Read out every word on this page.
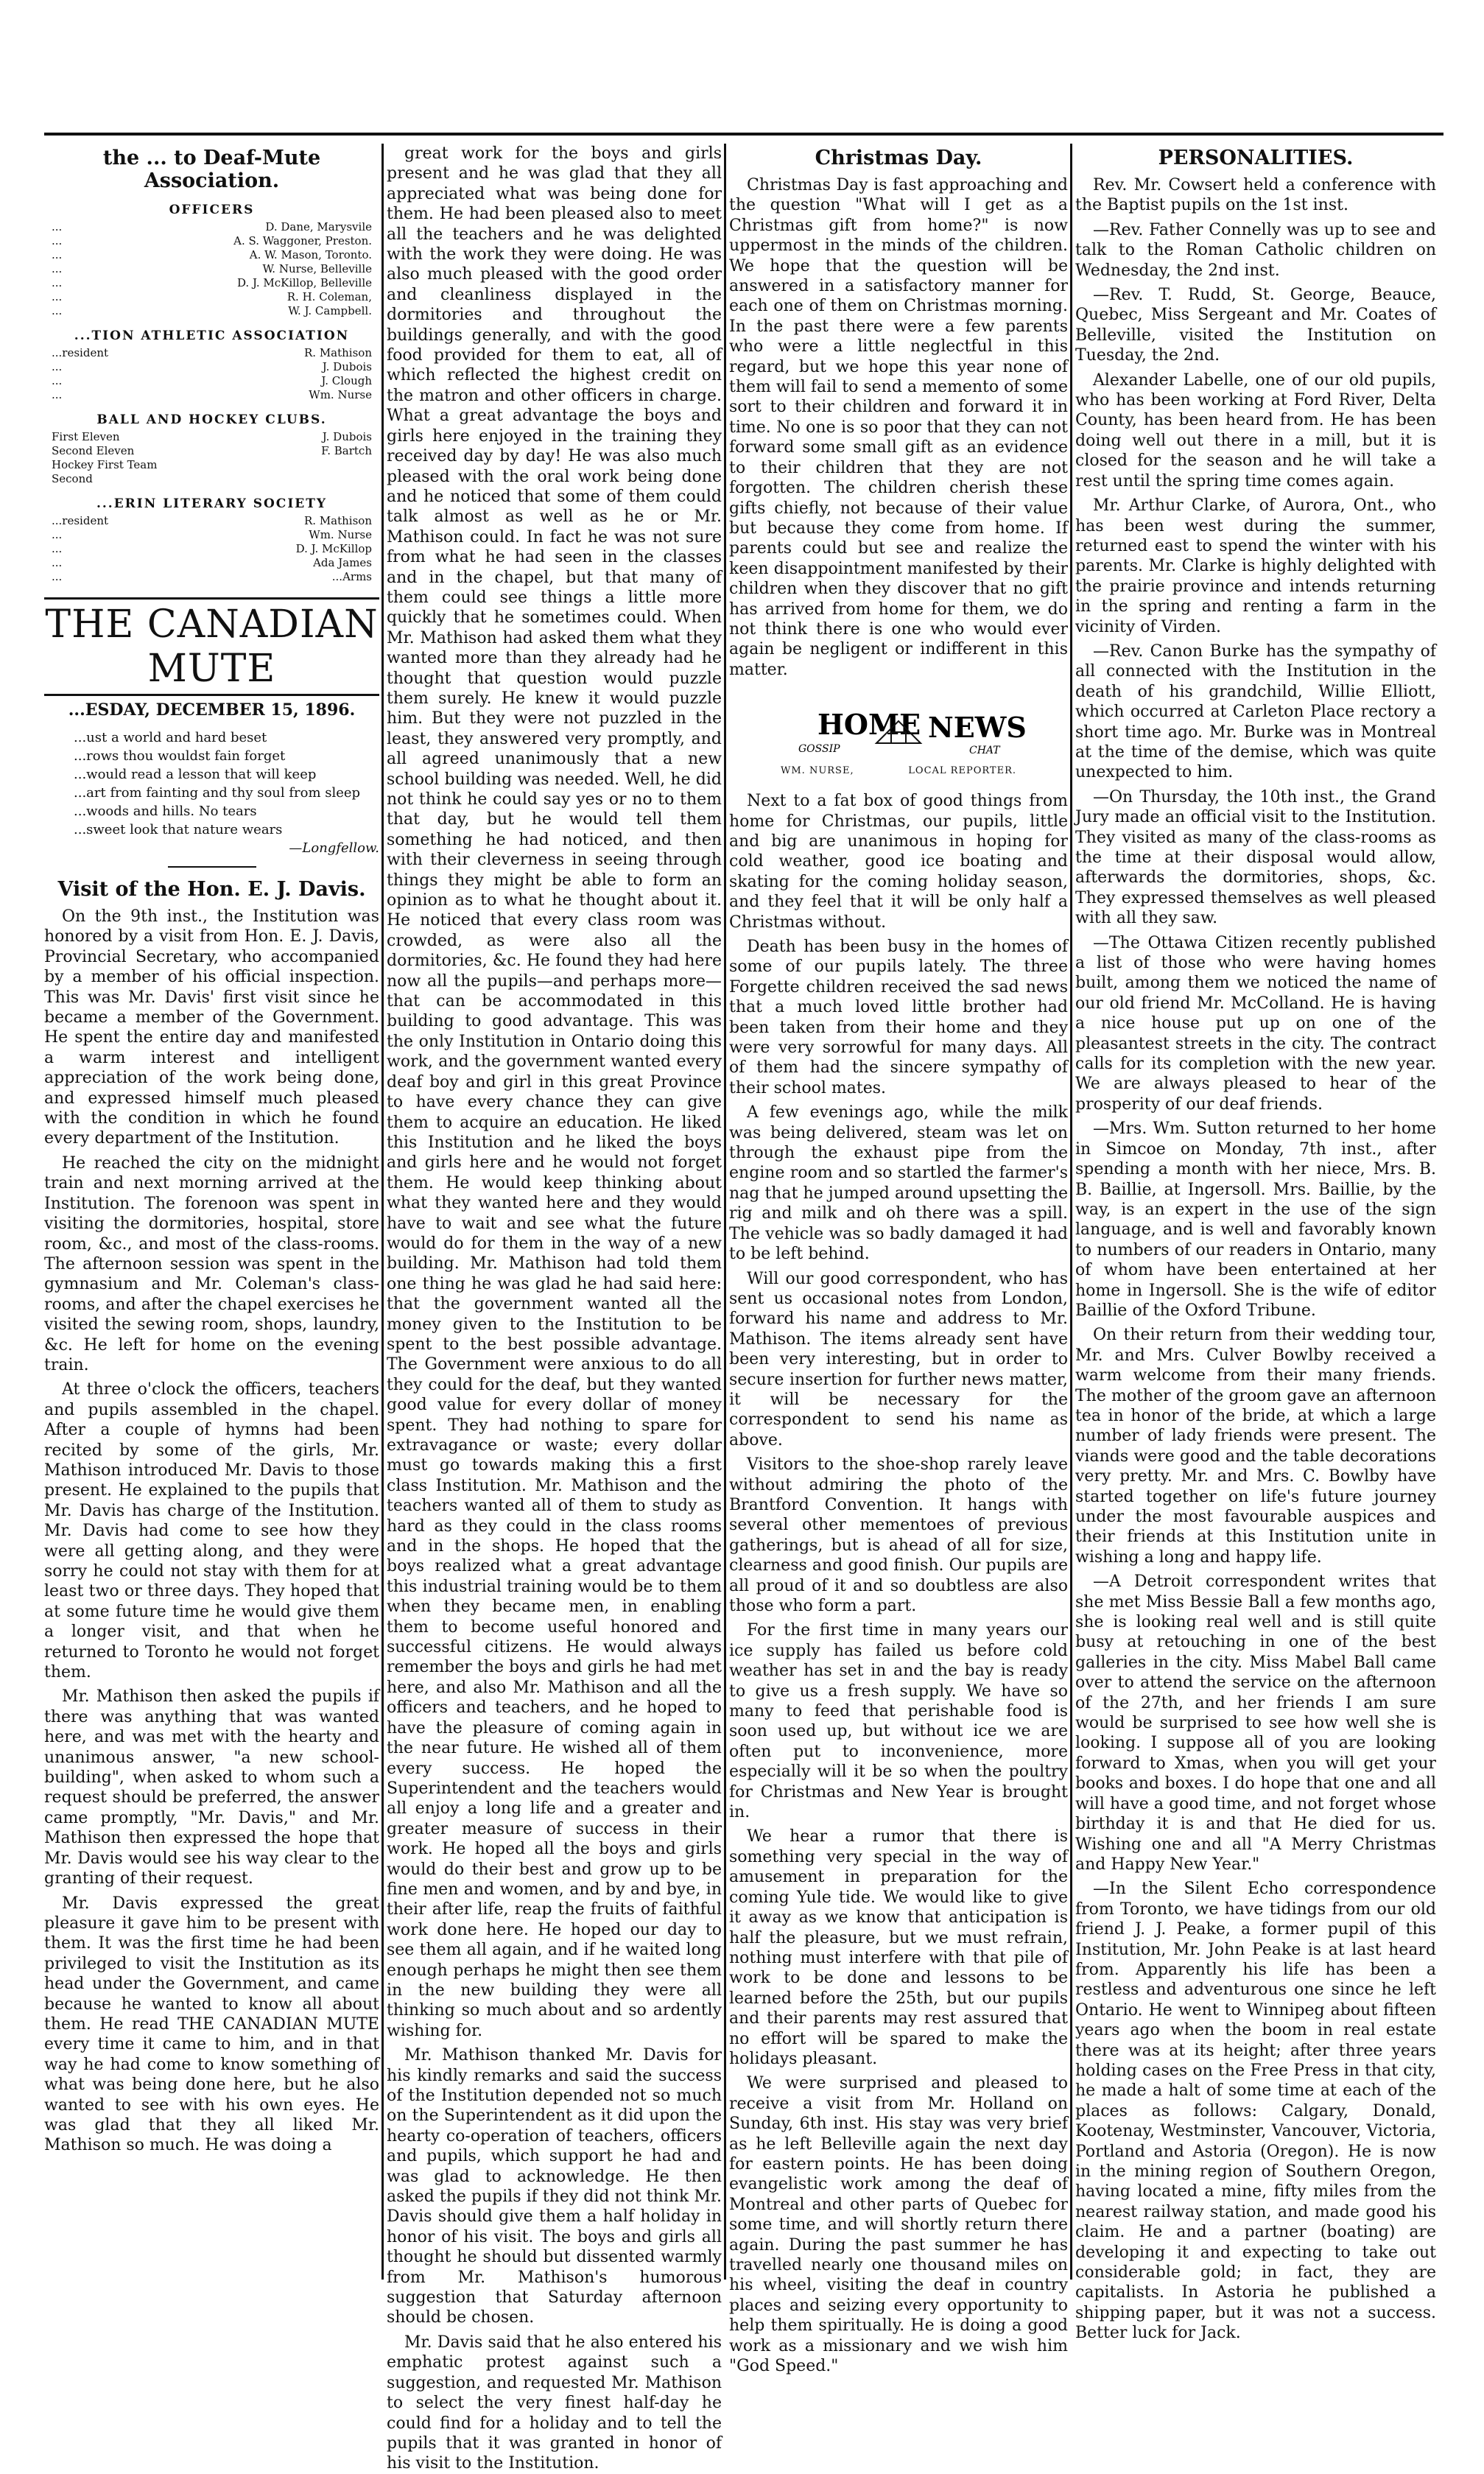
the ... to Deaf-Mute Association.
OFFICERS
...	D. Dane, Marysvile
...	A. S. Waggoner, Preston.
...	A. W. Mason, Toronto.
...	W. Nurse, Belleville
...	D. J. McKillop, Belleville
...	R. H. Coleman,
...	W. J. Campbell.
...TION ATHLETIC ASSOCIATION
...resident	R. Mathison
...	J. Dubois
...	J. Clough
...	Wm. Nurse
BALL AND HOCKEY CLUBS.
First Eleven	J. Dubois
Second Eleven	F. Bartch
Hockey First Team
Second
...ERIN LITERARY SOCIETY
...resident	R. Mathison
...	Wm. Nurse
...	D. J. McKillop
...	Ada James
...	...Arms
THE CANADIAN MUTE
...ESDAY, DECEMBER 15, 1896.
...ust a world and hard beset
...rows thou wouldst fain forget
...would read a lesson that will keep
...art from fainting and thy soul from sleep
...woods and hills. No tears
...sweet look that nature wears
—Longfellow.
Visit of the Hon. E. J. Davis.

On the 9th inst., the Institution was honored by a visit from Hon. E. J. Davis, Provincial Secretary, who accompanied by a member of his official inspection. This was Mr. Davis' first visit since he became a member of the Government. He spent the entire day and manifested a warm interest and intelligent appreciation of the work being done, and expressed himself much pleased with the condition in which he found every department of the Institution.

He reached the city on the midnight train and next morning arrived at the Institution. The forenoon was spent in visiting the dormitories, hospital, store room, &c., and most of the class-rooms. The afternoon session was spent in the gymnasium and Mr. Coleman's class-rooms, and after the chapel exercises he visited the sewing room, shops, laundry, &c. He left for home on the evening train.

At three o'clock the officers, teachers and pupils assembled in the chapel. After a couple of hymns had been recited by some of the girls, Mr. Mathison introduced Mr. Davis to those present. He explained to the pupils that Mr. Davis has charge of the Institution. Mr. Davis had come to see how they were all getting along, and they were sorry he could not stay with them for at least two or three days. They hoped that at some future time he would give them a longer visit, and that when he returned to Toronto he would not forget them.

Mr. Mathison then asked the pupils if there was anything that was wanted here, and was met with the hearty and unanimous answer, "a new school-building", when asked to whom such a request should be preferred, the answer came promptly, "Mr. Davis," and Mr. Mathison then expressed the hope that Mr. Davis would see his way clear to the granting of their request.

Mr. Davis expressed the great pleasure it gave him to be present with them. It was the first time he had been privileged to visit the Institution as its head under the Government, and came because he wanted to know all about them. He read THE CANADIAN MUTE every time it came to him, and in that way he had come to know something of what was being done here, but he also wanted to see with his own eyes. He was glad that they all liked Mr. Mathison so much. He was doing a

great work for the boys and girls present and he was glad that they all appreciated what was being done for them. He had been pleased also to meet all the teachers and he was delighted with the work they were doing. He was also much pleased with the good order and cleanliness displayed in the dormitories and throughout the buildings generally, and with the good food provided for them to eat, all of which reflected the highest credit on the matron and other officers in charge. What a great advantage the boys and girls here enjoyed in the training they received day by day! He was also much pleased with the oral work being done and he noticed that some of them could talk almost as well as he or Mr. Mathison could. In fact he was not sure from what he had seen in the classes and in the chapel, but that many of them could see things a little more quickly that he sometimes could. When Mr. Mathison had asked them what they wanted more than they already had he thought that question would puzzle them surely. He knew it would puzzle him. But they were not puzzled in the least, they answered very promptly, and all agreed unanimously that a new school building was needed. Well, he did not think he could say yes or no to them that day, but he would tell them something he had noticed, and then with their cleverness in seeing through things they might be able to form an opinion as to what he thought about it. He noticed that every class room was crowded, as were also all the dormitories, &c. He found they had here now all the pupils—and perhaps more—that can be accommodated in this building to good advantage. This was the only Institution in Ontario doing this work, and the government wanted every deaf boy and girl in this great Province to have every chance they can give them to acquire an education. He liked this Institution and he liked the boys and girls here and he would not forget them. He would keep thinking about what they wanted here and they would have to wait and see what the future would do for them in the way of a new building. Mr. Mathison had told them one thing he was glad he had said here: that the government wanted all the money given to the Institution to be spent to the best possible advantage. The Government were anxious to do all they could for the deaf, but they wanted good value for every dollar of money spent. They had nothing to spare for extravagance or waste; every dollar must go towards making this a first class Institution. Mr. Mathison and the teachers wanted all of them to study as hard as they could in the class rooms and in the shops. He hoped that the boys realized what a great advantage this industrial training would be to them when they became men, in enabling them to become useful honored and successful citizens. He would always remember the boys and girls he had met here, and also Mr. Mathison and all the officers and teachers, and he hoped to have the pleasure of coming again in the near future. He wished all of them every success. He hoped the Superintendent and the teachers would all enjoy a long life and a greater and greater measure of success in their work. He hoped all the boys and girls would do their best and grow up to be fine men and women, and by and bye, in their after life, reap the fruits of faithful work done here. He hoped our day to see them all again, and if he waited long enough perhaps he might then see them in the new building they were all thinking so much about and so ardently wishing for.

Mr. Mathison thanked Mr. Davis for his kindly remarks and said the success of the Institution depended not so much on the Superintendent as it did upon the hearty co-operation of teachers, officers and pupils, which support he had and was glad to acknowledge. He then asked the pupils if they did not think Mr. Davis should give them a half holiday in honor of his visit. The boys and girls all thought he should but dissented warmly from Mr. Mathison's humorous suggestion that Saturday afternoon should be chosen.

Mr. Davis said that he also entered his emphatic protest against such a suggestion, and requested Mr. Mathison to select the very finest half-day he could find for a holiday and to tell the pupils that it was granted in honor of his visit to the Institution.

Christmas Day.

Christmas Day is fast approaching and the question "What will I get as a Christmas gift from home?" is now uppermost in the minds of the children. We hope that the question will be answered in a satisfactory manner for each one of them on Christmas morning. In the past there were a few parents who were a little neglectful in this regard, but we hope this year none of them will fail to send a memento of some sort to their children and forward it in time. No one is so poor that they can not forward some small gift as an evidence to their children that they are not forgotten. The children cherish these gifts chiefly, not because of their value but because they come from home. If parents could but see and realize the keen disappointment manifested by their children when they discover that no gift has arrived from home for them, we do not think there is one who would ever again be negligent or indifferent in this matter.

HOME NEWS
GOSSIP	CHAT
WM. NURSE,	LOCAL REPORTER.

Next to a fat box of good things from home for Christmas, our pupils, little and big are unanimous in hoping for cold weather, good ice boating and skating for the coming holiday season, and they feel that it will be only half a Christmas without.

Death has been busy in the homes of some of our pupils lately. The three Forgette children received the sad news that a much loved little brother had been taken from their home and they were very sorrowful for many days. All of them had the sincere sympathy of their school mates.

A few evenings ago, while the milk was being delivered, steam was let on through the exhaust pipe from the engine room and so startled the farmer's nag that he jumped around upsetting the rig and milk and oh there was a spill. The vehicle was so badly damaged it had to be left behind.

Will our good correspondent, who has sent us occasional notes from London, forward his name and address to Mr. Mathison. The items already sent have been very interesting, but in order to secure insertion for further news matter, it will be necessary for the correspondent to send his name as above.

Visitors to the shoe-shop rarely leave without admiring the photo of the Brantford Convention. It hangs with several other mementoes of previous gatherings, but is ahead of all for size, clearness and good finish. Our pupils are all proud of it and so doubtless are also those who form a part.

For the first time in many years our ice supply has failed us before cold weather has set in and the bay is ready to give us a fresh supply. We have so many to feed that perishable food is soon used up, but without ice we are often put to inconvenience, more especially will it be so when the poultry for Christmas and New Year is brought in.

We hear a rumor that there is something very special in the way of amusement in preparation for the coming Yule tide. We would like to give it away as we know that anticipation is half the pleasure, but we must refrain, nothing must interfere with that pile of work to be done and lessons to be learned before the 25th, but our pupils and their parents may rest assured that no effort will be spared to make the holidays pleasant.

We were surprised and pleased to receive a visit from Mr. Holland on Sunday, 6th inst. His stay was very brief as he left Belleville again the next day for eastern points. He has been doing evangelistic work among the deaf of Montreal and other parts of Quebec for some time, and will shortly return there again. During the past summer he has travelled nearly one thousand miles on his wheel, visiting the deaf in country places and seizing every opportunity to help them spiritually. He is doing a good work as a missionary and we wish him "God Speed."

PERSONALITIES.

Rev. Mr. Cowsert held a conference with the Baptist pupils on the 1st inst.

—Rev. Father Connelly was up to see and talk to the Roman Catholic children on Wednesday, the 2nd inst.

—Rev. T. Rudd, St. George, Beauce, Quebec, Miss Sergeant and Mr. Coates of Belleville, visited the Institution on Tuesday, the 2nd.

Alexander Labelle, one of our old pupils, who has been working at Ford River, Delta County, has been heard from. He has been doing well out there in a mill, but it is closed for the season and he will take a rest until the spring time comes again.

Mr. Arthur Clarke, of Aurora, Ont., who has been west during the summer, returned east to spend the winter with his parents. Mr. Clarke is highly delighted with the prairie province and intends returning in the spring and renting a farm in the vicinity of Virden.

—Rev. Canon Burke has the sympathy of all connected with the Institution in the death of his grandchild, Willie Elliott, which occurred at Carleton Place rectory a short time ago. Mr. Burke was in Montreal at the time of the demise, which was quite unexpected to him.

—On Thursday, the 10th inst., the Grand Jury made an official visit to the Institution. They visited as many of the class-rooms as the time at their disposal would allow, afterwards the dormitories, shops, &c. They expressed themselves as well pleased with all they saw.

—The Ottawa Citizen recently published a list of those who were having homes built, among them we noticed the name of our old friend Mr. McColland. He is having a nice house put up on one of the pleasantest streets in the city. The contract calls for its completion with the new year. We are always pleased to hear of the prosperity of our deaf friends.

—Mrs. Wm. Sutton returned to her home in Simcoe on Monday, 7th inst., after spending a month with her niece, Mrs. B. B. Baillie, at Ingersoll. Mrs. Baillie, by the way, is an expert in the use of the sign language, and is well and favorably known to numbers of our readers in Ontario, many of whom have been entertained at her home in Ingersoll. She is the wife of editor Baillie of the Oxford Tribune.

On their return from their wedding tour, Mr. and Mrs. Culver Bowlby received a warm welcome from their many friends. The mother of the groom gave an afternoon tea in honor of the bride, at which a large number of lady friends were present. The viands were good and the table decorations very pretty. Mr. and Mrs. C. Bowlby have started together on life's future journey under the most favourable auspices and their friends at this Institution unite in wishing a long and happy life.

—A Detroit correspondent writes that she met Miss Bessie Ball a few months ago, she is looking real well and is still quite busy at retouching in one of the best galleries in the city. Miss Mabel Ball came over to attend the service on the afternoon of the 27th, and her friends I am sure would be surprised to see how well she is looking. I suppose all of you are looking forward to Xmas, when you will get your books and boxes. I do hope that one and all will have a good time, and not forget whose birthday it is and that He died for us. Wishing one and all "A Merry Christmas and Happy New Year."

—In the Silent Echo correspondence from Toronto, we have tidings from our old friend J. J. Peake, a former pupil of this Institution, Mr. John Peake is at last heard from. Apparently his life has been a restless and adventurous one since he left Ontario. He went to Winnipeg about fifteen years ago when the boom in real estate there was at its height; after three years holding cases on the Free Press in that city, he made a halt of some time at each of the places as follows: Calgary, Donald, Kootenay, Westminster, Vancouver, Victoria, Portland and Astoria (Oregon). He is now in the mining region of Southern Oregon, having located a mine, fifty miles from the nearest railway station, and made good his claim. He and a partner (boating) are developing it and expecting to take out considerable gold; in fact, they are capitalists. In Astoria he published a shipping paper, but it was not a success. Better luck for Jack.
